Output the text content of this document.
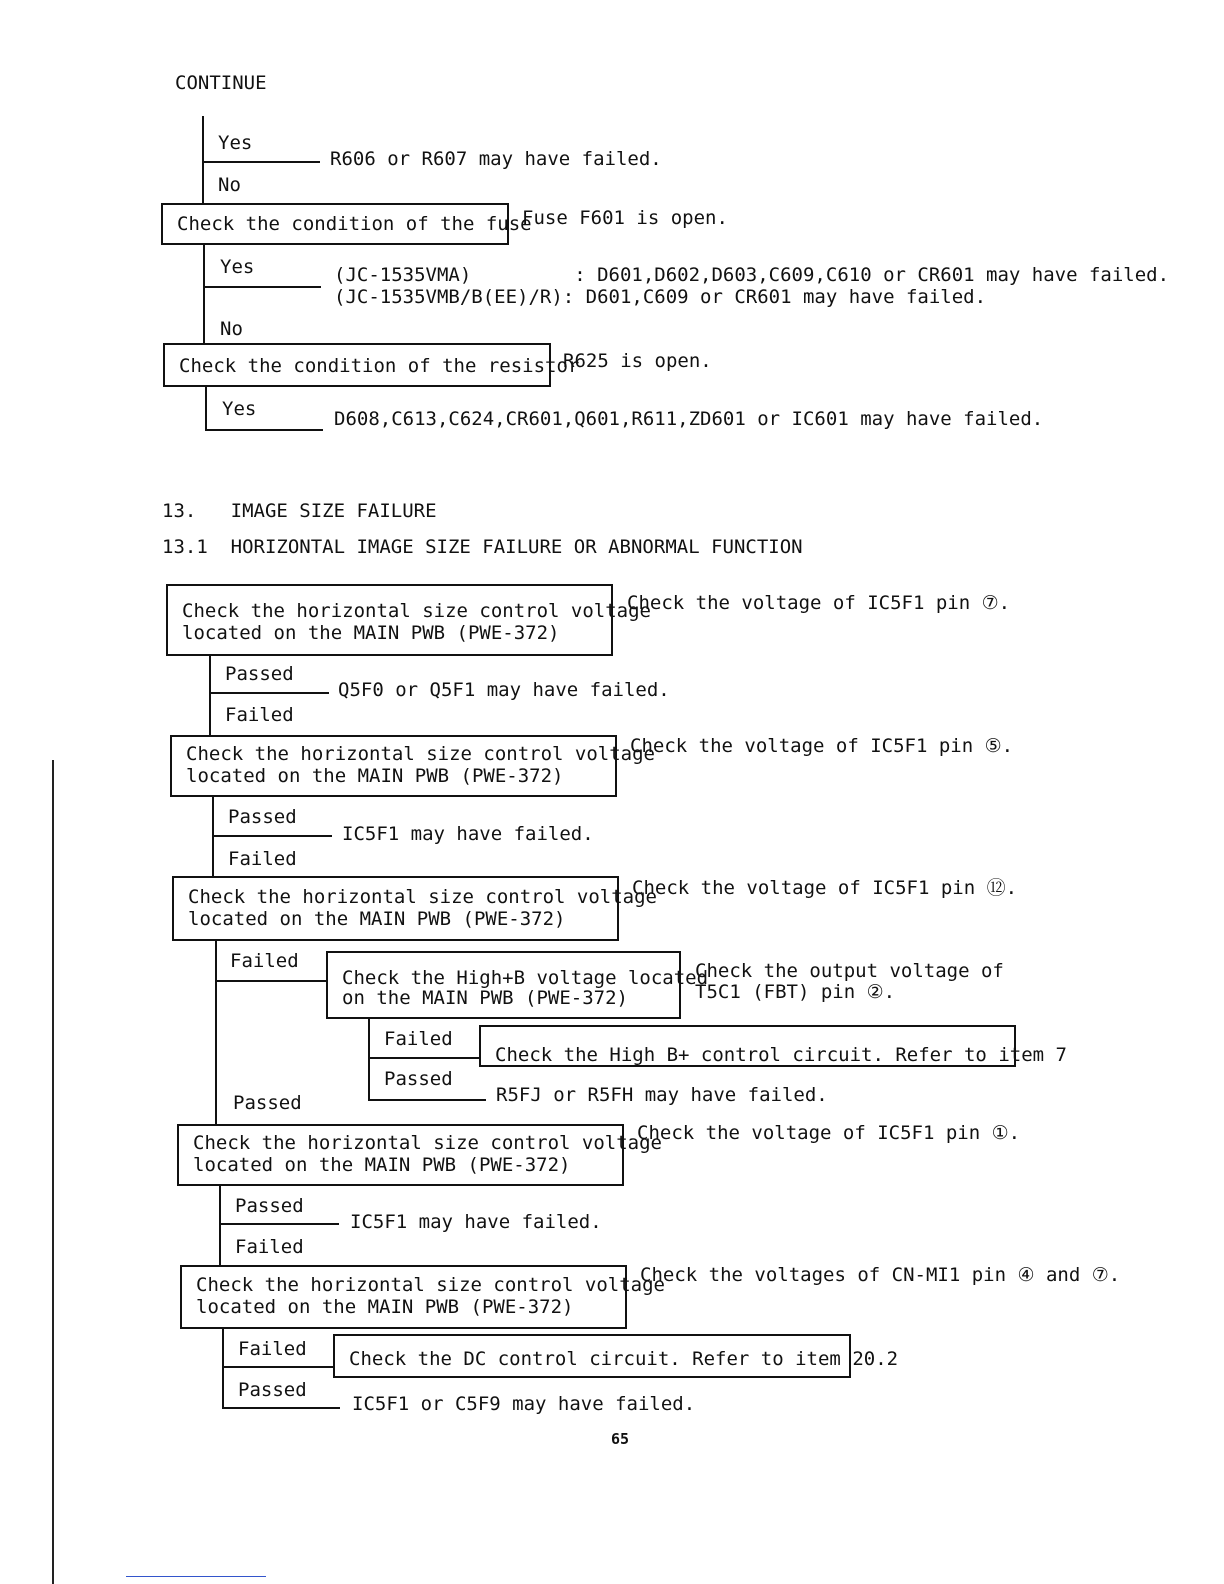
CONTINUE
Yes
R606 or R607 may have failed.
No
Check the condition of the fuse
Fuse F601 is open.
Yes	(JC-1535VMA)         : D601,D602,D603,C609,C610 or CR601 may have failed.
(JC-1535VMB/B(EE)/R): D601,C609 or CR601 may have failed.
No
Check the condition of the resistor
R625 is open.
Yes	D608,C613,C624,CR601,Q601,R611,ZD601 or IC601 may have failed.
13.   IMAGE SIZE FAILURE
13.1  HORIZONTAL IMAGE SIZE FAILURE OR ABNORMAL FUNCTION
Check the horizontal size control voltage
located on the MAIN PWB (PWE-372)
Check the voltage of IC5F1 pin ⑦.
Passed
Q5F0 or Q5F1 may have failed.
Failed
Check the horizontal size control voltage
located on the MAIN PWB (PWE-372)
Check the voltage of IC5F1 pin ⑤.
Passed
IC5F1 may have failed.
Failed
Check the horizontal size control voltage
located on the MAIN PWB (PWE-372)
Check the voltage of IC5F1 pin ⑫.
Failed
Passed
Check the High+B voltage located
on the MAIN PWB (PWE-372)
Check the output voltage of
T5C1 (FBT) pin ②.
Failed
Passed
Check the High B+ control circuit. Refer to item 7
R5FJ or R5FH may have failed.
Check the horizontal size control voltage
located on the MAIN PWB (PWE-372)
Check the voltage of IC5F1 pin ①.
Passed
IC5F1 may have failed.
Failed
Check the horizontal size control voltage
located on the MAIN PWB (PWE-372)
Check the voltages of CN-MI1 pin ④ and ⑦.
Failed
Passed
Check the DC control circuit. Refer to item 20.2
IC5F1 or C5F9 may have failed.
65
